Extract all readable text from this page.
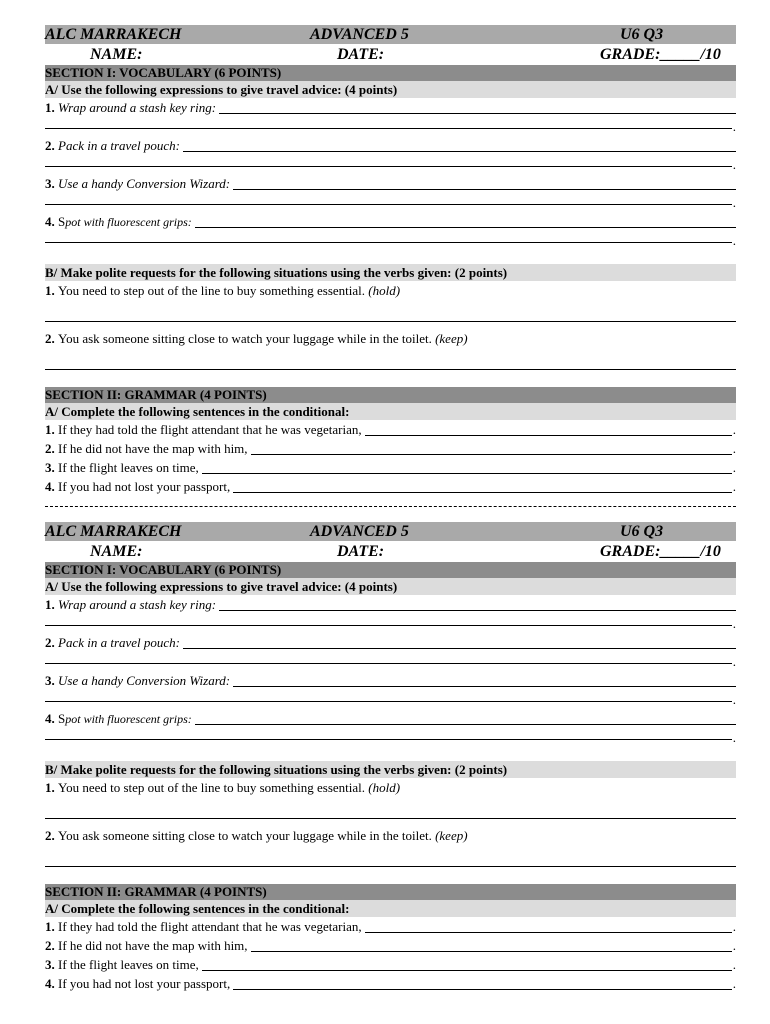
ALC MARRAKECH	ADVANCED 5	U6 Q3
NAME:	DATE:	GRADE:_____/10
SECTION I: VOCABULARY (6 POINTS)
A/ Use the following expressions to give travel advice: (4 points)
1.
Wrap around a stash key ring:
.
2.
Pack in a travel pouch:
.
3.
Use a handy Conversion Wizard:
.
4.
S pot with fluorescent grips:
.
B/ Make polite requests for the following situations using the verbs given: (2 points)
1.
You need to step out of the line to buy something essential.
(hold)
2.
You ask someone sitting close to watch your luggage while in the toilet.
(keep)
SECTION II: GRAMMAR (4 POINTS)
A/ Complete the following sentences in the conditional:
1.
If they had told the flight attendant that he was vegetarian,	.
2.
If he did not have the map with him,	.
3.
If the flight leaves on time,	.
4.
If you had not lost your passport,	.
ALC MARRAKECH	ADVANCED 5	U6 Q3
NAME:	DATE:	GRADE:_____/10
SECTION I: VOCABULARY (6 POINTS)
A/ Use the following expressions to give travel advice: (4 points)
1.
Wrap around a stash key ring:
.
2.
Pack in a travel pouch:
.
3.
Use a handy Conversion Wizard:
.
4.
S pot with fluorescent grips:
.
B/ Make polite requests for the following situations using the verbs given: (2 points)
1.
You need to step out of the line to buy something essential.
(hold)
2.
You ask someone sitting close to watch your luggage while in the toilet.
(keep)
SECTION II: GRAMMAR (4 POINTS)
A/ Complete the following sentences in the conditional:
1.
If they had told the flight attendant that he was vegetarian,	.
2.
If he did not have the map with him,	.
3.
If the flight leaves on time,	.
4.
If you had not lost your passport,	.
